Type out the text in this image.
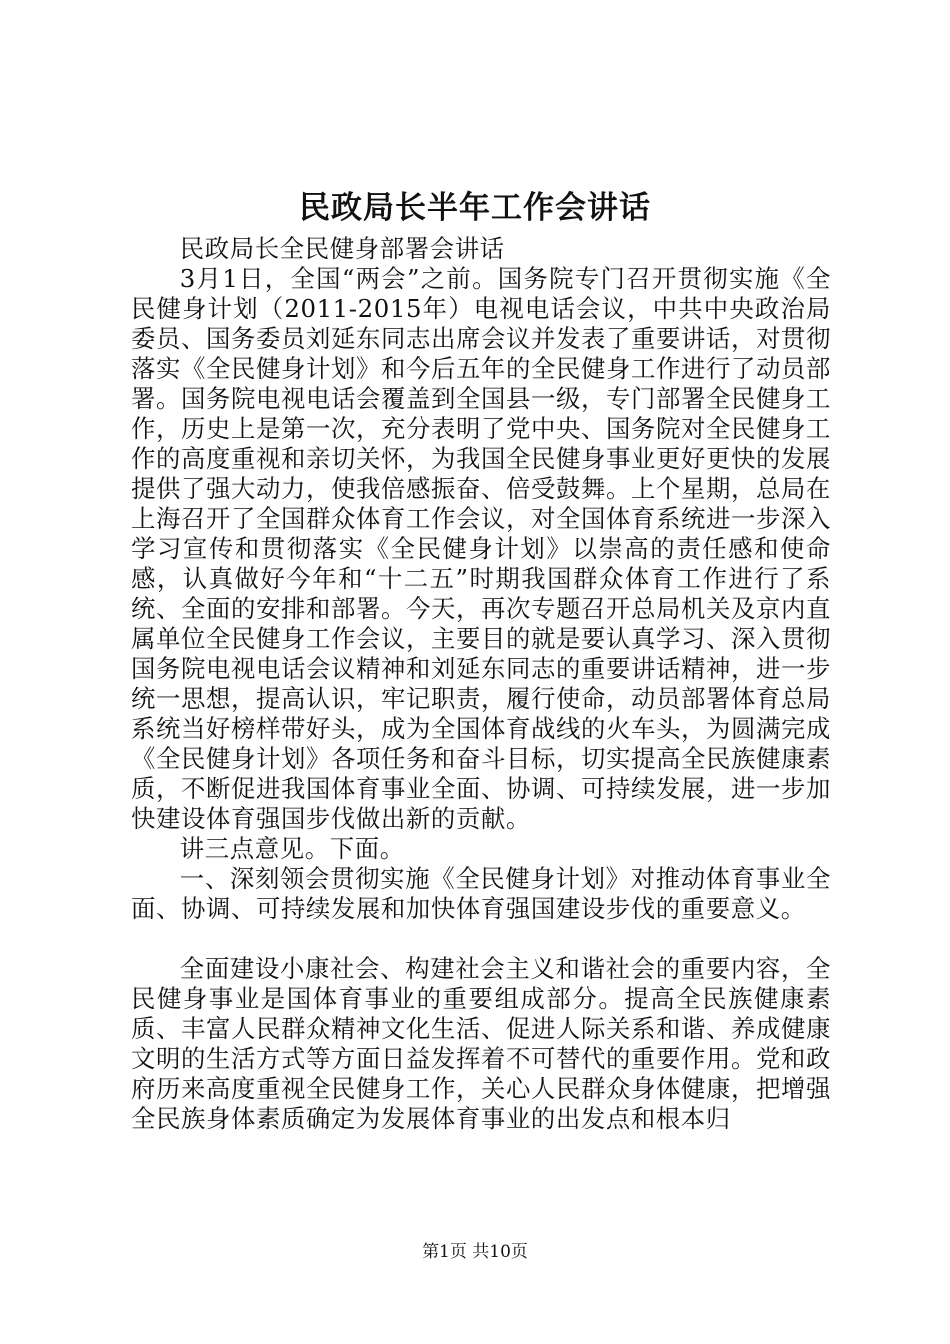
民政局长半年工作会讲话

民政局长全民健身部署会讲话

3月1日，全国“两会”之前。国务院专门召开贯彻实施《全民健身计划（2011-2015年）电视电话会议，中共中央政治局委员、国务委员刘延东同志出席会议并发表了重要讲话，对贯彻落实《全民健身计划》和今后五年的全民健身工作进行了动员部署。国务院电视电话会覆盖到全国县一级，专门部署全民健身工作，历史上是第一次，充分表明了党中央、国务院对全民健身工作的高度重视和亲切关怀，为我国全民健身事业更好更快的发展提供了强大动力，使我倍感振奋、倍受鼓舞。上个星期，总局在上海召开了全国群众体育工作会议，对全国体育系统进一步深入学习宣传和贯彻落实《全民健身计划》以崇高的责任感和使命感，认真做好今年和“十二五”时期我国群众体育工作进行了系统、全面的安排和部署。今天，再次专题召开总局机关及京内直属单位全民健身工作会议，主要目的就是要认真学习、深入贯彻国务院电视电话会议精神和刘延东同志的重要讲话精神，进一步统一思想，提高认识，牢记职责，履行使命，动员部署体育总局系统当好榜样带好头，成为全国体育战线的火车头，为圆满完成《全民健身计划》各项任务和奋斗目标，切实提高全民族健康素质，不断促进我国体育事业全面、协调、可持续发展，进一步加快建设体育强国步伐做出新的贡献。

讲三点意见。下面。

一、深刻领会贯彻实施《全民健身计划》对推动体育事业全面、协调、可持续发展和加快体育强国建设步伐的重要意义。

全面建设小康社会、构建社会主义和谐社会的重要内容，全民健身事业是国体育事业的重要组成部分。提高全民族健康素质、丰富人民群众精神文化生活、促进人际关系和谐、养成健康文明的生活方式等方面日益发挥着不可替代的重要作用。党和政府历来高度重视全民健身工作，关心人民群众身体健康，把增强全民族身体素质确定为发展体育事业的出发点和根本归

第1页 共10页
